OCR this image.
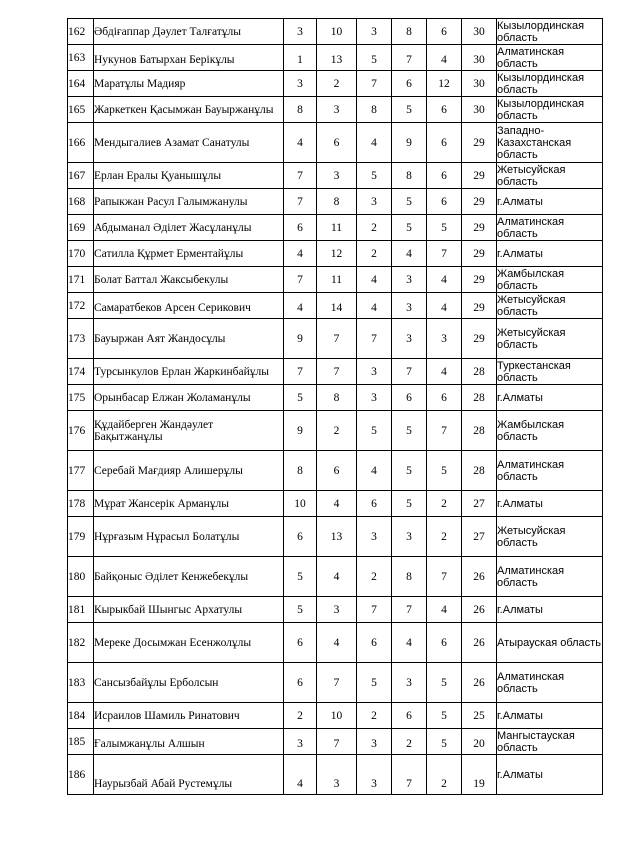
162	Әбдіғаппар Дәулет Талғатұлы	3	10	3	8	6	30	Кызылординская область
163	Нукунов Батырхан Берікұлы	1	13	5	7	4	30	Алматинская область
164	Маратұлы Мадияр	3	2	7	6	12	30	Кызылординская область
165	Жаркеткен Қасымжан Бауыржанұлы	8	3	8	5	6	30	Кызылординская область
166	Мендыгалиев Азамат Санатулы	4	6	4	9	6	29	Западно-Казахстанская область
167	Ерлан Ералы Қуанышұлы	7	3	5	8	6	29	Жетысуйская область
168	Рапыкжан Расул Галымжанулы	7	8	3	5	6	29	г.Алматы
169	Абдыманал Әділет Жасұланұлы	6	11	2	5	5	29	Алматинская область
170	Сатилла Құрмет Ерментайұлы	4	12	2	4	7	29	г.Алматы
171	Болат Баттал Жаксыбекулы	7	11	4	3	4	29	Жамбылская область
172	Самаратбеков Арсен Серикович	4	14	4	3	4	29	Жетысуйская область
173	Бауыржан Аят Жандосұлы	9	7	7	3	3	29	Жетысуйская область
174	Турсынкулов Ерлан Жаркинбайұлы	7	7	3	7	4	28	Туркестанская область
175	Орынбасар Елжан Жоламанұлы	5	8	3	6	6	28	г.Алматы
176	Құдайберген Жандәулет Бақытжанұлы	9	2	5	5	7	28	Жамбылская область
177	Серебай Мағдияр Алишерұлы	8	6	4	5	5	28	Алматинская область
178	Мұрат Жансерік Арманұлы	10	4	6	5	2	27	г.Алматы
179	Нұрғазым Нұрасыл Болатұлы	6	13	3	3	2	27	Жетысуйская область
180	Байқоныс Әділет Кенжебекұлы	5	4	2	8	7	26	Алматинская область
181	Кырыкбай Шынгыс Архатулы	5	3	7	7	4	26	г.Алматы
182	Мереке Досымжан Есенжолұлы	6	4	6	4	6	26	Атырауская область
183	Сансызбайұлы Ерболсын	6	7	5	3	5	26	Алматинская область
184	Исраилов Шамиль Ринатович	2	10	2	6	5	25	г.Алматы
185	Ғалымжанұлы Алшын	3	7	3	2	5	20	Мангыстауская область
186	Наурызбай Абай Рустемұлы	4	3	3	7	2	19	г.Алматы
